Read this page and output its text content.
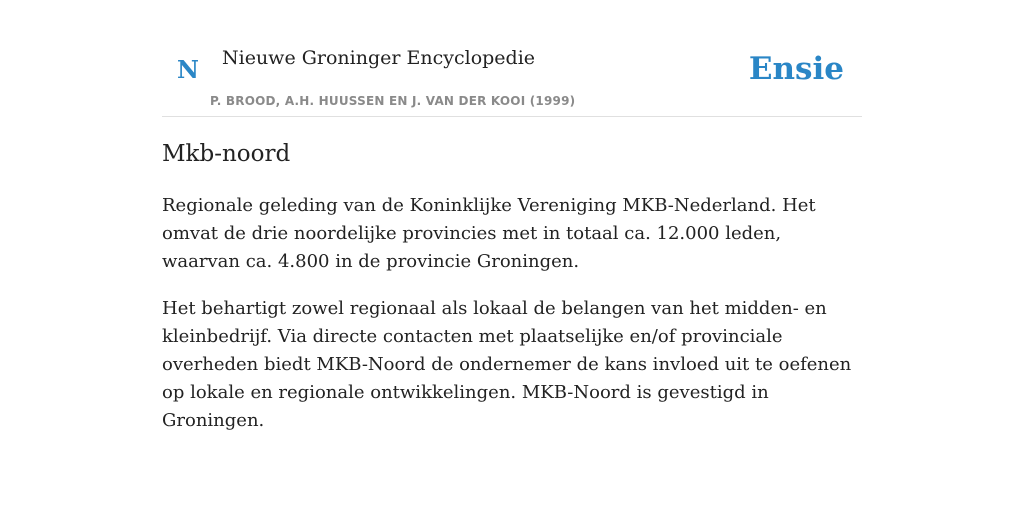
N Nieuwe Groninger Encyclopedie
P. BROOD, A.H. HUUSSEN EN J. VAN DER KOOI (1999)
Ensie
Mkb-noord

Regionale geleding van de Koninklijke Vereniging MKB-Nederland. Het omvat de drie noordelijke provincies met in totaal ca. 12.000 leden, waarvan ca. 4.800 in de provincie Groningen.

Het behartigt zowel regionaal als lokaal de belangen van het midden- en kleinbedrijf. Via directe contacten met plaatselijke en/of provinciale overheden biedt MKB-Noord de ondernemer de kans invloed uit te oefenen op lokale en regionale ontwikkelingen. MKB-Noord is gevestigd in Groningen.
